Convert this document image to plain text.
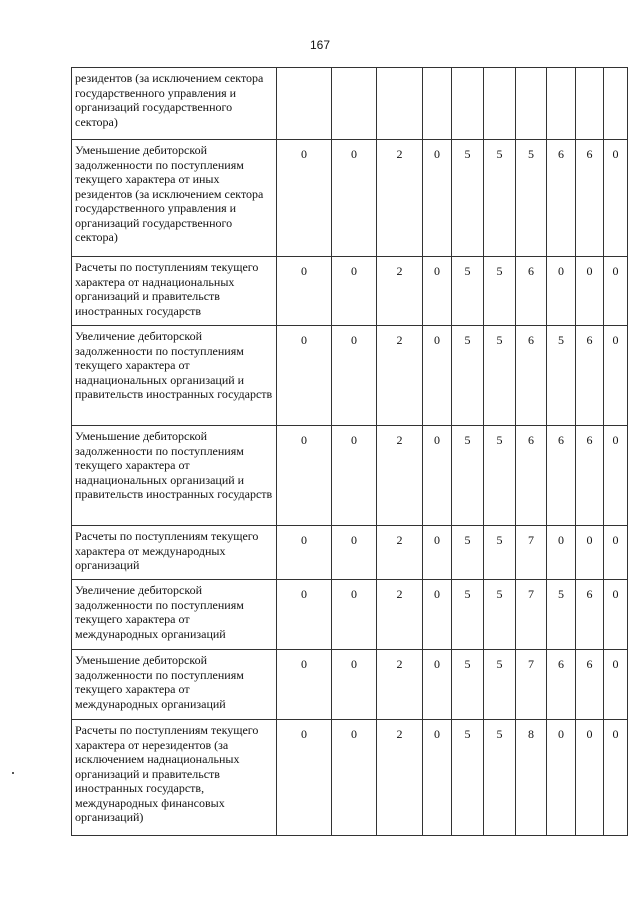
167
резидентов (за исключением сектора государственного управления и организаций государственного сектора)										
Уменьшение дебиторской задолженности по поступлениям текущего характера от иных резидентов (за исключением сектора государственного управления и организаций государственного сектора)	0	0	2	0	5	5	5	6	6	0
Расчеты по поступлениям текущего характера от наднациональных организаций и правительств иностранных государств	0	0	2	0	5	5	6	0	0	0
Увеличение дебиторской задолженности по поступлениям текущего характера от наднациональных организаций и правительств иностранных государств	0	0	2	0	5	5	6	5	6	0
Уменьшение дебиторской задолженности по поступлениям текущего характера от наднациональных организаций и правительств иностранных государств	0	0	2	0	5	5	6	6	6	0
Расчеты по поступлениям текущего характера от международных организаций	0	0	2	0	5	5	7	0	0	0
Увеличение дебиторской задолженности по поступлениям текущего характера от международных организаций	0	0	2	0	5	5	7	5	6	0
Уменьшение дебиторской задолженности по поступлениям текущего характера от международных организаций	0	0	2	0	5	5	7	6	6	0
Расчеты по поступлениям текущего характера от нерезидентов (за исключением наднациональных организаций и правительств иностранных государств, международных финансовых организаций)	0	0	2	0	5	5	8	0	0	0
